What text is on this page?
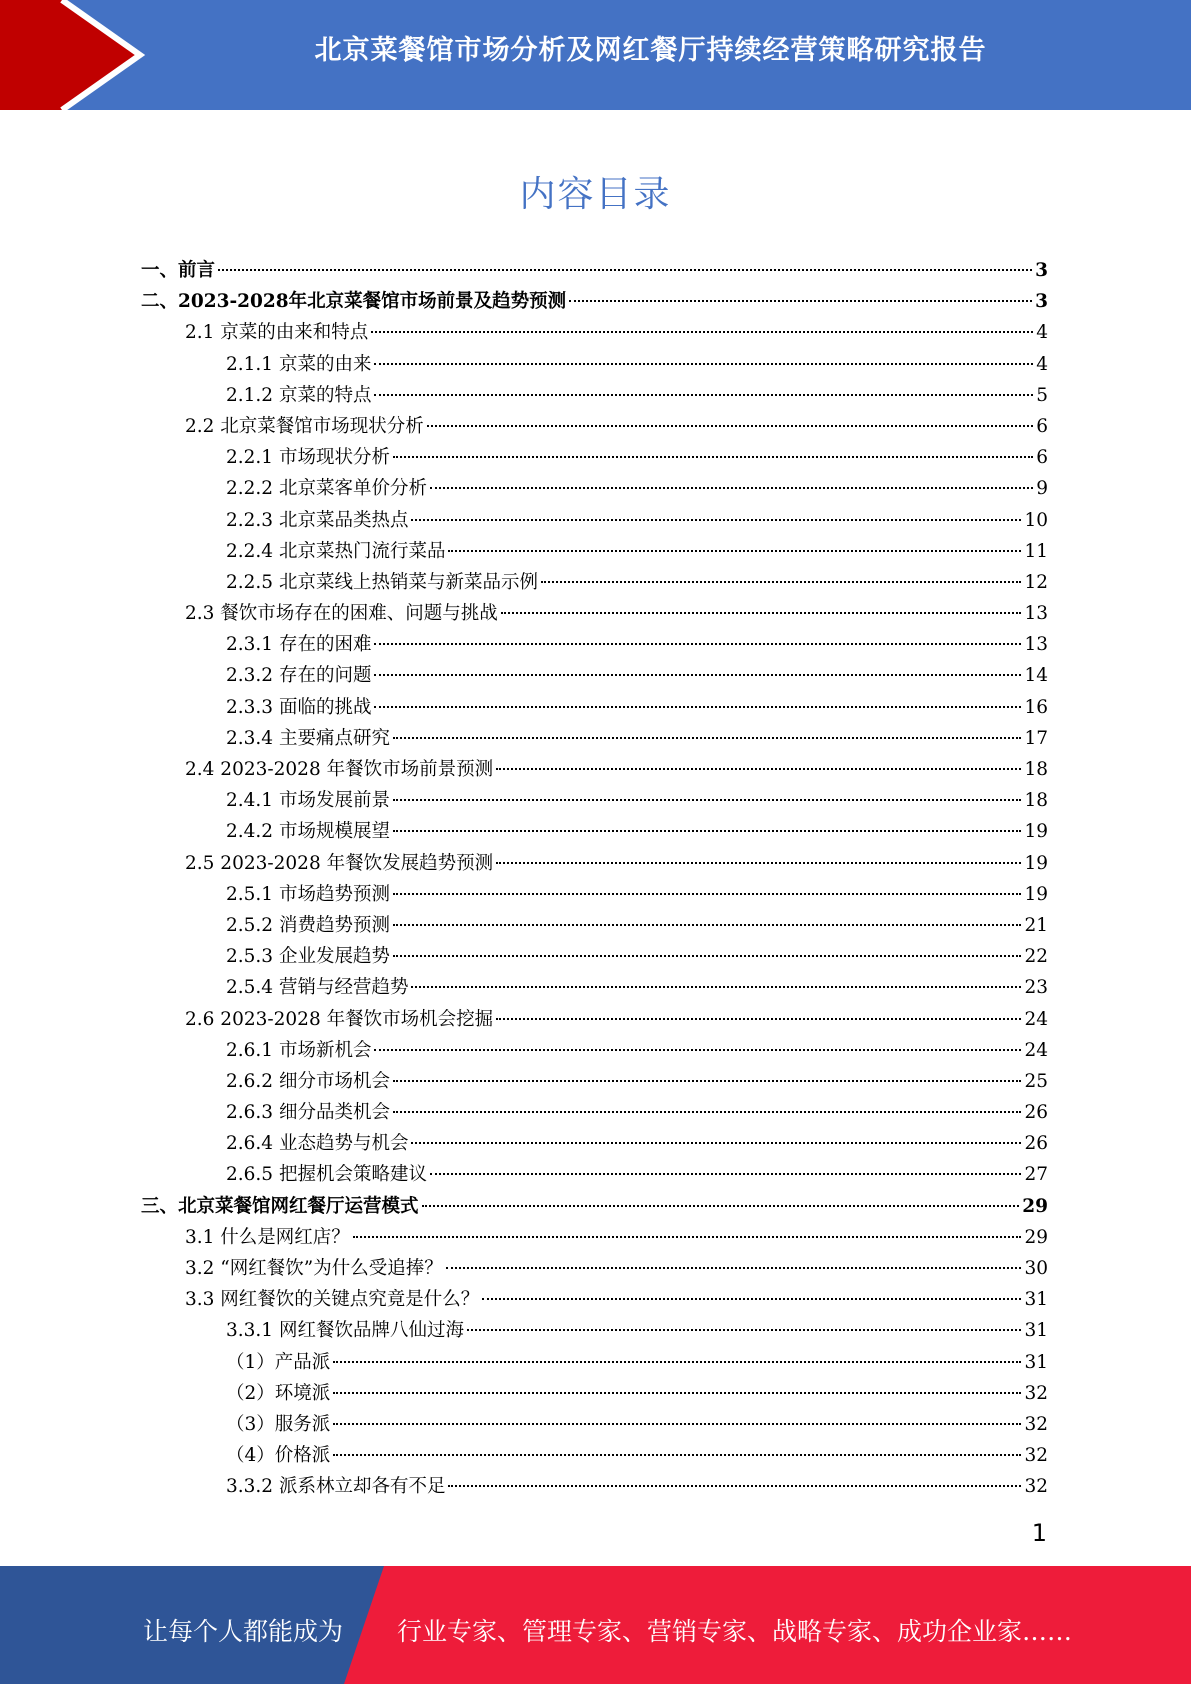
北京菜餐馆市场分析及网红餐厅持续经营策略研究报告
内容目录
一、前言	3
二、2023-2028年北京菜餐馆市场前景及趋势预测	3
2.1 京菜的由来和特点	4
2.1.1 京菜的由来	4
2.1.2 京菜的特点	5
2.2 北京菜餐馆市场现状分析	6
2.2.1 市场现状分析	6
2.2.2 北京菜客单价分析	9
2.2.3 北京菜品类热点	10
2.2.4 北京菜热门流行菜品	11
2.2.5 北京菜线上热销菜与新菜品示例	12
2.3 餐饮市场存在的困难、问题与挑战	13
2.3.1 存在的困难	13
2.3.2 存在的问题	14
2.3.3 面临的挑战	16
2.3.4 主要痛点研究	17
2.4 2023-2028 年餐饮市场前景预测	18
2.4.1 市场发展前景	18
2.4.2 市场规模展望	19
2.5 2023-2028 年餐饮发展趋势预测	19
2.5.1 市场趋势预测	19
2.5.2 消费趋势预测	21
2.5.3 企业发展趋势	22
2.5.4 营销与经营趋势	23
2.6 2023-2028 年餐饮市场机会挖掘	24
2.6.1 市场新机会	24
2.6.2 细分市场机会	25
2.6.3 细分品类机会	26
2.6.4 业态趋势与机会	26
2.6.5 把握机会策略建议	27
三、北京菜餐馆网红餐厅运营模式	29
3.1 什么是网红店？	29
3.2 “网红餐饮”为什么受追捧？	30
3.3 网红餐饮的关键点究竟是什么？	31
3.3.1 网红餐饮品牌八仙过海	31
（1）产品派	31
（2）环境派	32
（3）服务派	32
（4）价格派	32
3.3.2 派系林立却各有不足	32
1
让每个人都能成为 行业专家、管理专家、营销专家、战略专家、成功企业家……
